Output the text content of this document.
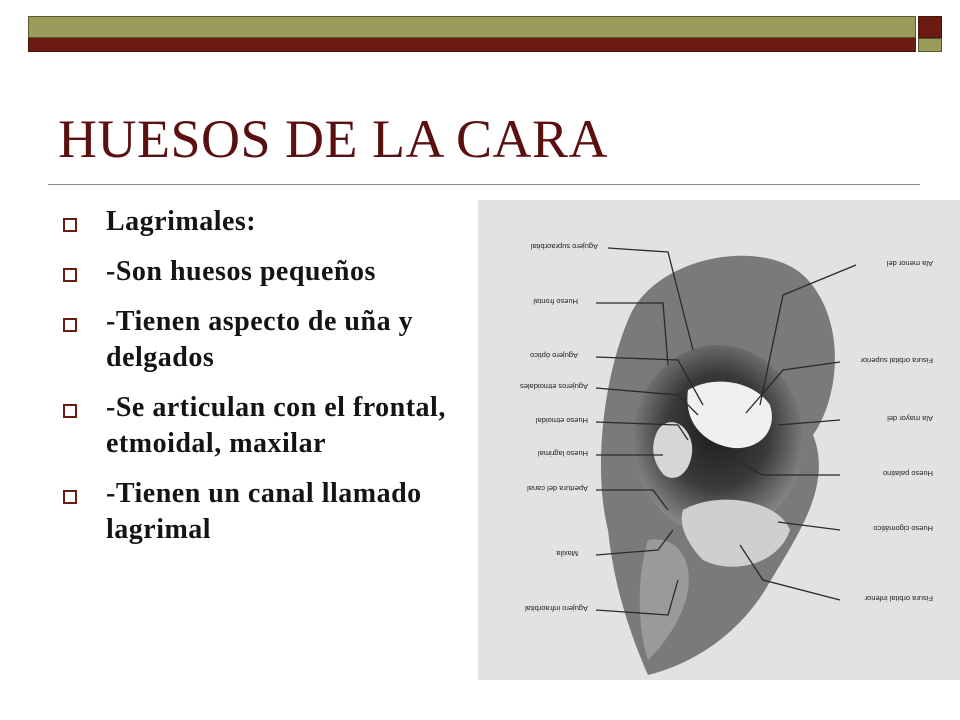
HUESOS DE LA CARA
Lagrimales:
-Son huesos pequeños
-Tienen aspecto de uña y delgados
-Se articulan con el frontal, etmoidal, maxilar
-Tienen un canal llamado lagrimal
Agujero supraorbital
Hueso frontal
Agujero óptico
Agujeros etmoidales
Hueso etmoidal
Hueso lagrimal
Apertura del canal
Maxila
Agujero infraorbital
Ala menor del
Fisura orbital superior
Ala mayor del
Hueso palatino
Hueso cigomático
Fisura orbital inferior
